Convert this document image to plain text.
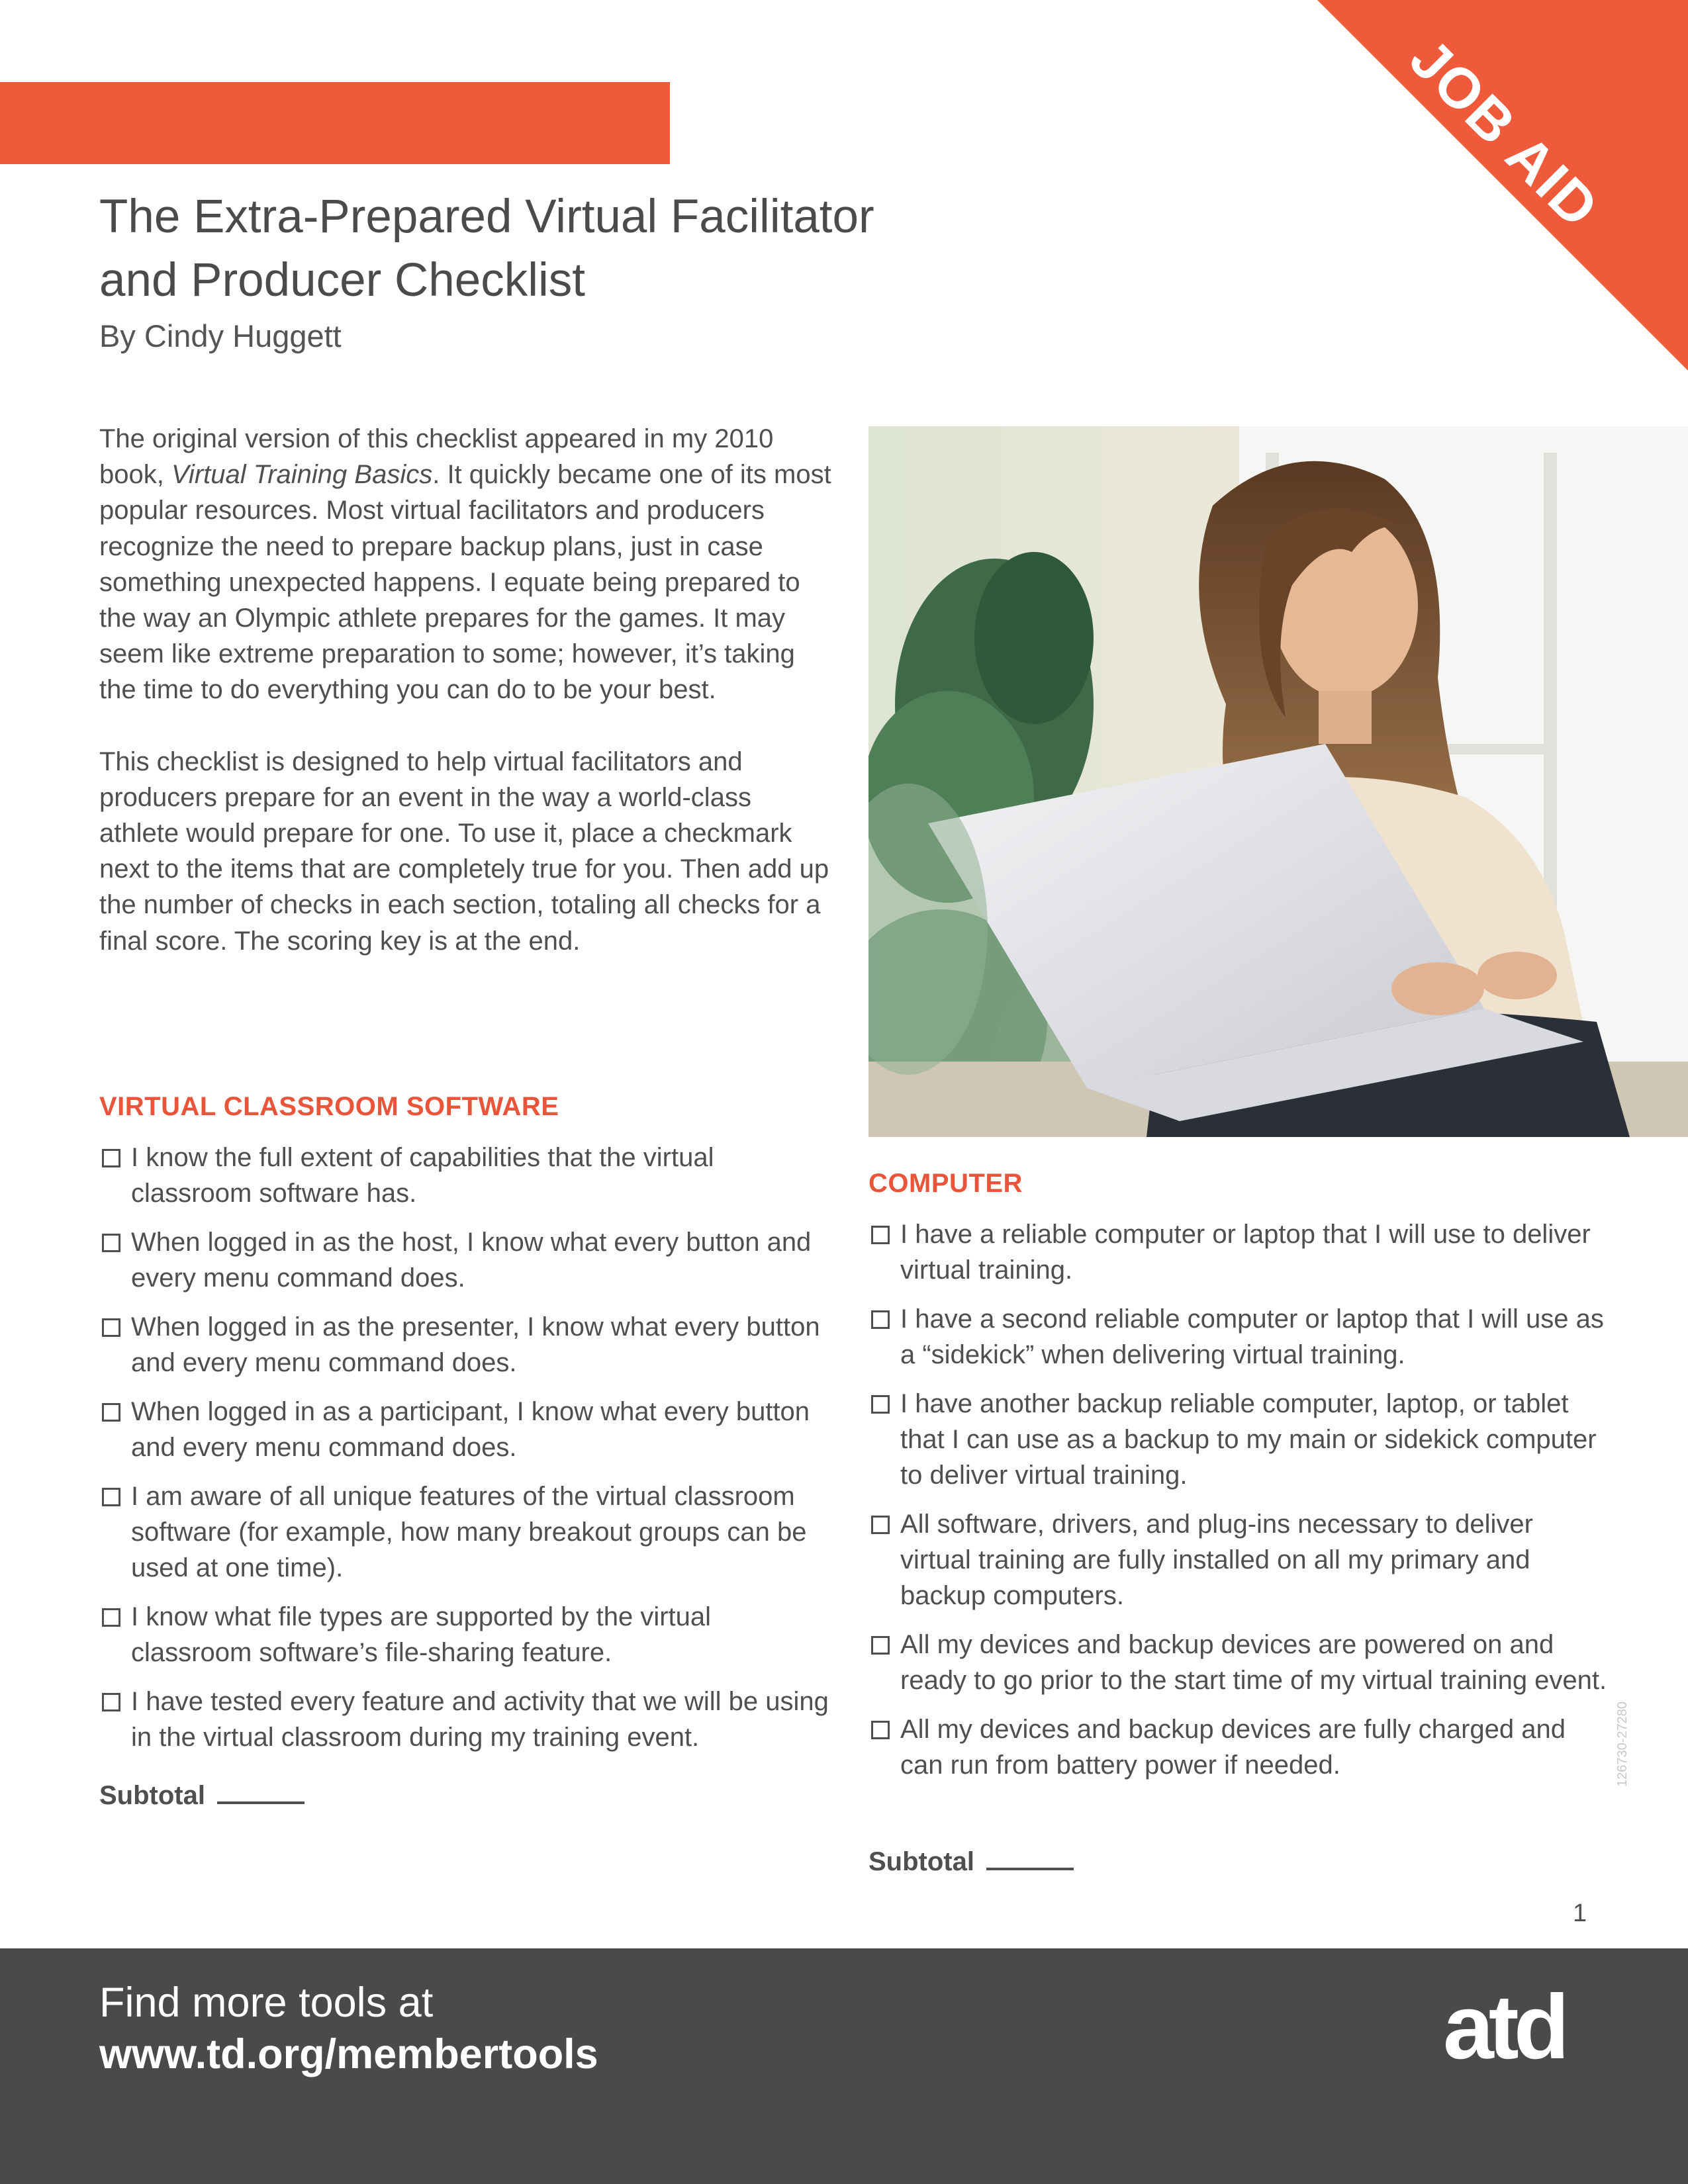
JOB AID
The Extra-Prepared Virtual Facilitator
and Producer Checklist
By Cindy Huggett

The original version of this checklist appeared in my 2010 book, Virtual Training Basics. It quickly became one of its most popular resources. Most virtual facilitators and producers recognize the need to prepare backup plans, just in case something unexpected happens. I equate being prepared to the way an Olympic athlete prepares for the games. It may seem like extreme preparation to some; however, it’s taking the time to do everything you can do to be your best.

This checklist is designed to help virtual facilitators and producers prepare for an event in the way a world-class athlete would prepare for one. To use it, place a checkmark next to the items that are completely true for you. Then add up the number of checks in each section, totaling all checks for a final score. The scoring key is at the end.

VIRTUAL CLASSROOM SOFTWARE
I know the full extent of capabilities that the virtual classroom software has.
When logged in as the host, I know what every button and every menu command does.
When logged in as the presenter, I know what every button and every menu command does.
When logged in as a participant, I know what every button and every menu command does.
I am aware of all unique features of the virtual classroom software (for example, how many breakout groups can be used at one time).
I know what file types are supported by the virtual classroom software’s file-sharing feature.
I have tested every feature and activity that we will be using in the virtual classroom during my training event.
Subtotal
COMPUTER
I have a reliable computer or laptop that I will use to deliver virtual training.
I have a second reliable computer or laptop that I will use as a “sidekick” when delivering virtual training.
I have another backup reliable computer, laptop, or tablet that I can use as a backup to my main or sidekick computer to deliver virtual training.
All software, drivers, and plug-ins necessary to deliver virtual training are fully installed on all my primary and backup computers.
All my devices and backup devices are powered on and ready to go prior to the start time of my virtual training event.
All my devices and backup devices are fully charged and can run from battery power if needed.
Subtotal
126730-27280
1
Find more tools at
www.td.org/membertools	atd
